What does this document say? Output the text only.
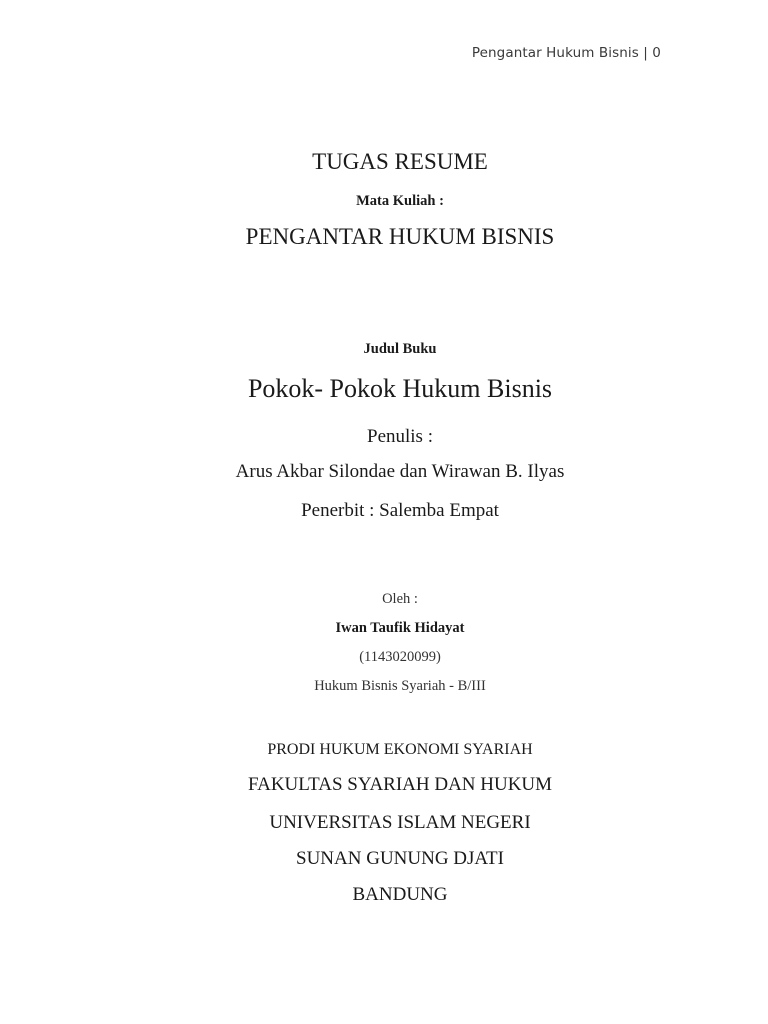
Pengantar Hukum Bisnis | 0
TUGAS RESUME
Mata Kuliah :
PENGANTAR HUKUM BISNIS
Judul Buku
Pokok- Pokok Hukum Bisnis
Penulis :
Arus Akbar Silondae dan Wirawan B. Ilyas
Penerbit : Salemba Empat
Oleh :
Iwan Taufik Hidayat
(1143020099)
Hukum Bisnis Syariah - B/III
PRODI HUKUM EKONOMI SYARIAH
FAKULTAS SYARIAH DAN HUKUM
UNIVERSITAS ISLAM NEGERI
SUNAN GUNUNG DJATI
BANDUNG
